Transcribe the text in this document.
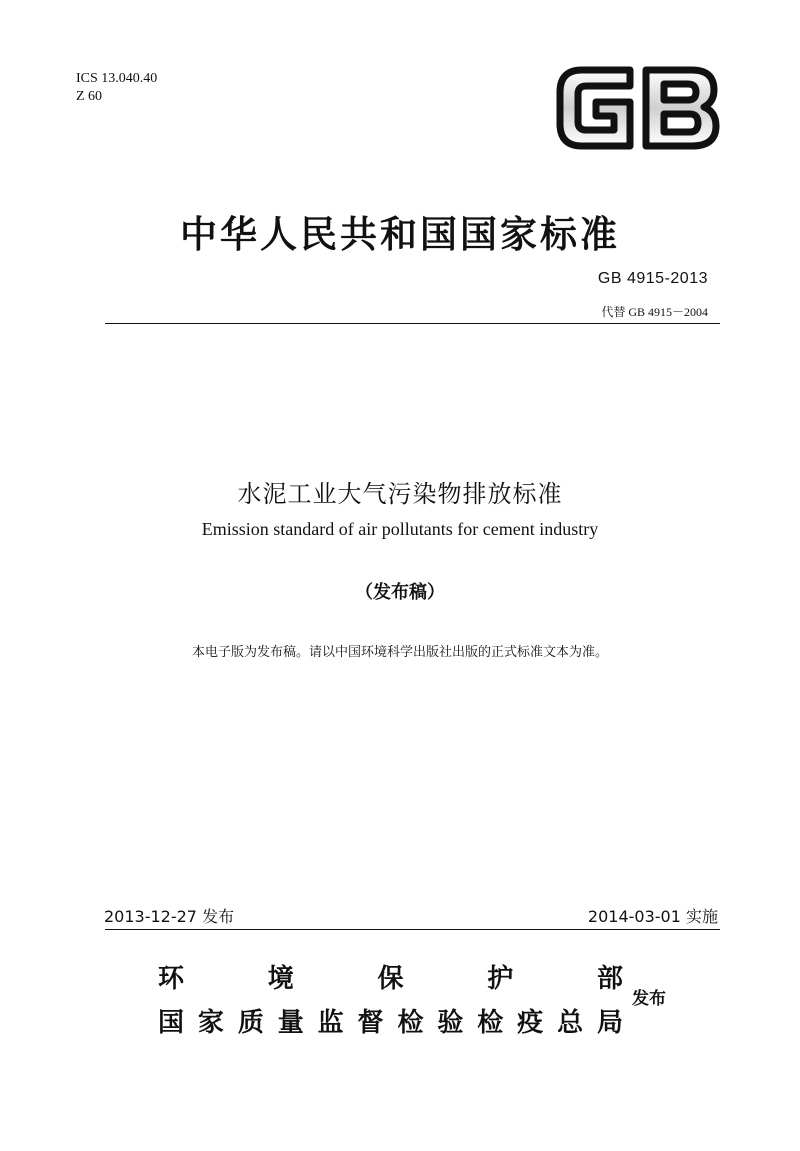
ICS 13.040.40
Z 60
中华人民共和国国家标准
GB 4915-2013
代替 GB 4915－2004
水泥工业大气污染物排放标准
Emission standard of air pollutants for cement industry
（发布稿）
本电子版为发布稿。请以中国环境科学出版社出版的正式标准文本为准。
2013-12-27 发布	2014-03-01 实施
环	境	保	护	部
国 家 质 量 监 督 检 验 检 疫 总 局
发布
